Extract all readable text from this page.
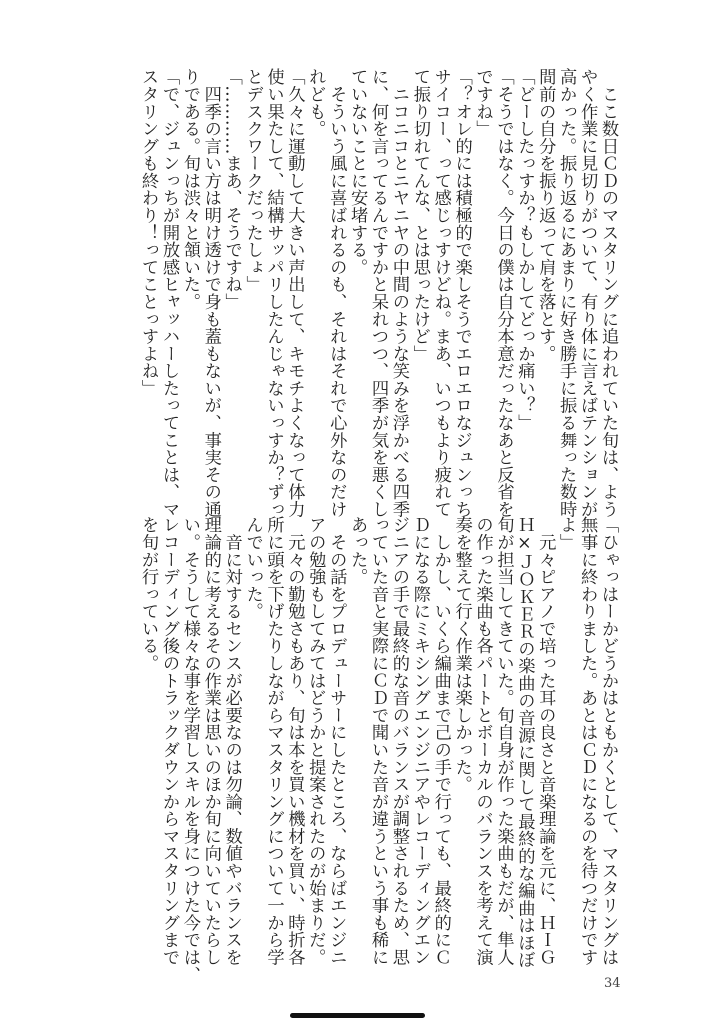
　ここ数日ＣＤのマスタリングに追われていた旬は、よう
やく作業に見切りがついて、有り体に言えばテンションが
高かった。振り返るにあまりに好き勝手に振る舞った数時
間前の自分を振り返って肩を落とす。
「どーしたっすか？もしかしてどっか痛い？」
「そうではなく。今日の僕は自分本意だったなあと反省を
ですね」
「？オレ的には積極的で楽しそうでエロエロなジュンっち
サイコー、って感じっすけどね。まあ、いつもより疲れて
て振り切れてんな、とは思ったけど」
　ニコニコとニヤニヤの中間のような笑みを浮かべる四季
に、何を言ってるんですかと呆れつつ、四季が気を悪くし
ていないことに安堵する。
　そういう風に喜ばれるのも、それはそれで心外なのだけ
れども。
「久々に運動して大きい声出して、キモチよくなって体力
使い果たして、結構サッパリしたんじゃないっすか？ずっ
とデスクワークだったしょ」
「…………まあ、そうですね」
　四季の言い方は明け透けで身も蓋もないが、事実その通
りである。旬は渋々と頷いた。
「で、ジュンっちが開放感ヒャッハーしたってことは、マ
スタリングも終わり！ってことっすよね」
「ひゃっはーかどうかはともかくとして、マスタリングは
無事に終わりました。あとはＣＤになるのを待つだけです
よ」
　元々ピアノで培った耳の良さと音楽理論を元に、ＨＩＧ
Ｈ×ＪＯＫＥＲの楽曲の音源に関して最終的な編曲はほぼ
旬が担当してきていた。旬自身が作った楽曲もだが、隼人
の作った楽曲も各パートとボーカルのバランスを考えて演
奏を整えて行く作業は楽しかった。
　しかし、いくら編曲まで己の手で行っても、最終的にＣ
Ｄになる際にミキシングエンジニアやレコーディングエン
ジニアの手で最終的な音のバランスが調整されるため、思
っていた音と実際にＣＤで聞いた音が違うという事も稀に
あった。
　その話をプロデューサーにしたところ、ならばエンジニ
アの勉強もしてみてはどうかと提案されたのが始まりだ。
　元々の勤勉さもあり、旬は本を買い機材を買い、時折各
所に頭を下げたりしながらマスタリングについて一から学
んでいった。
　音に対するセンスが必要なのは勿論、数値やバランスを
理論的に考えるその作業は思いのほか旬に向いていたらし
い。そうして様々な事を学習しスキルを身につけた今では、
レコーディング後のトラックダウンからマスタリングまで
を旬が行っている。
34
